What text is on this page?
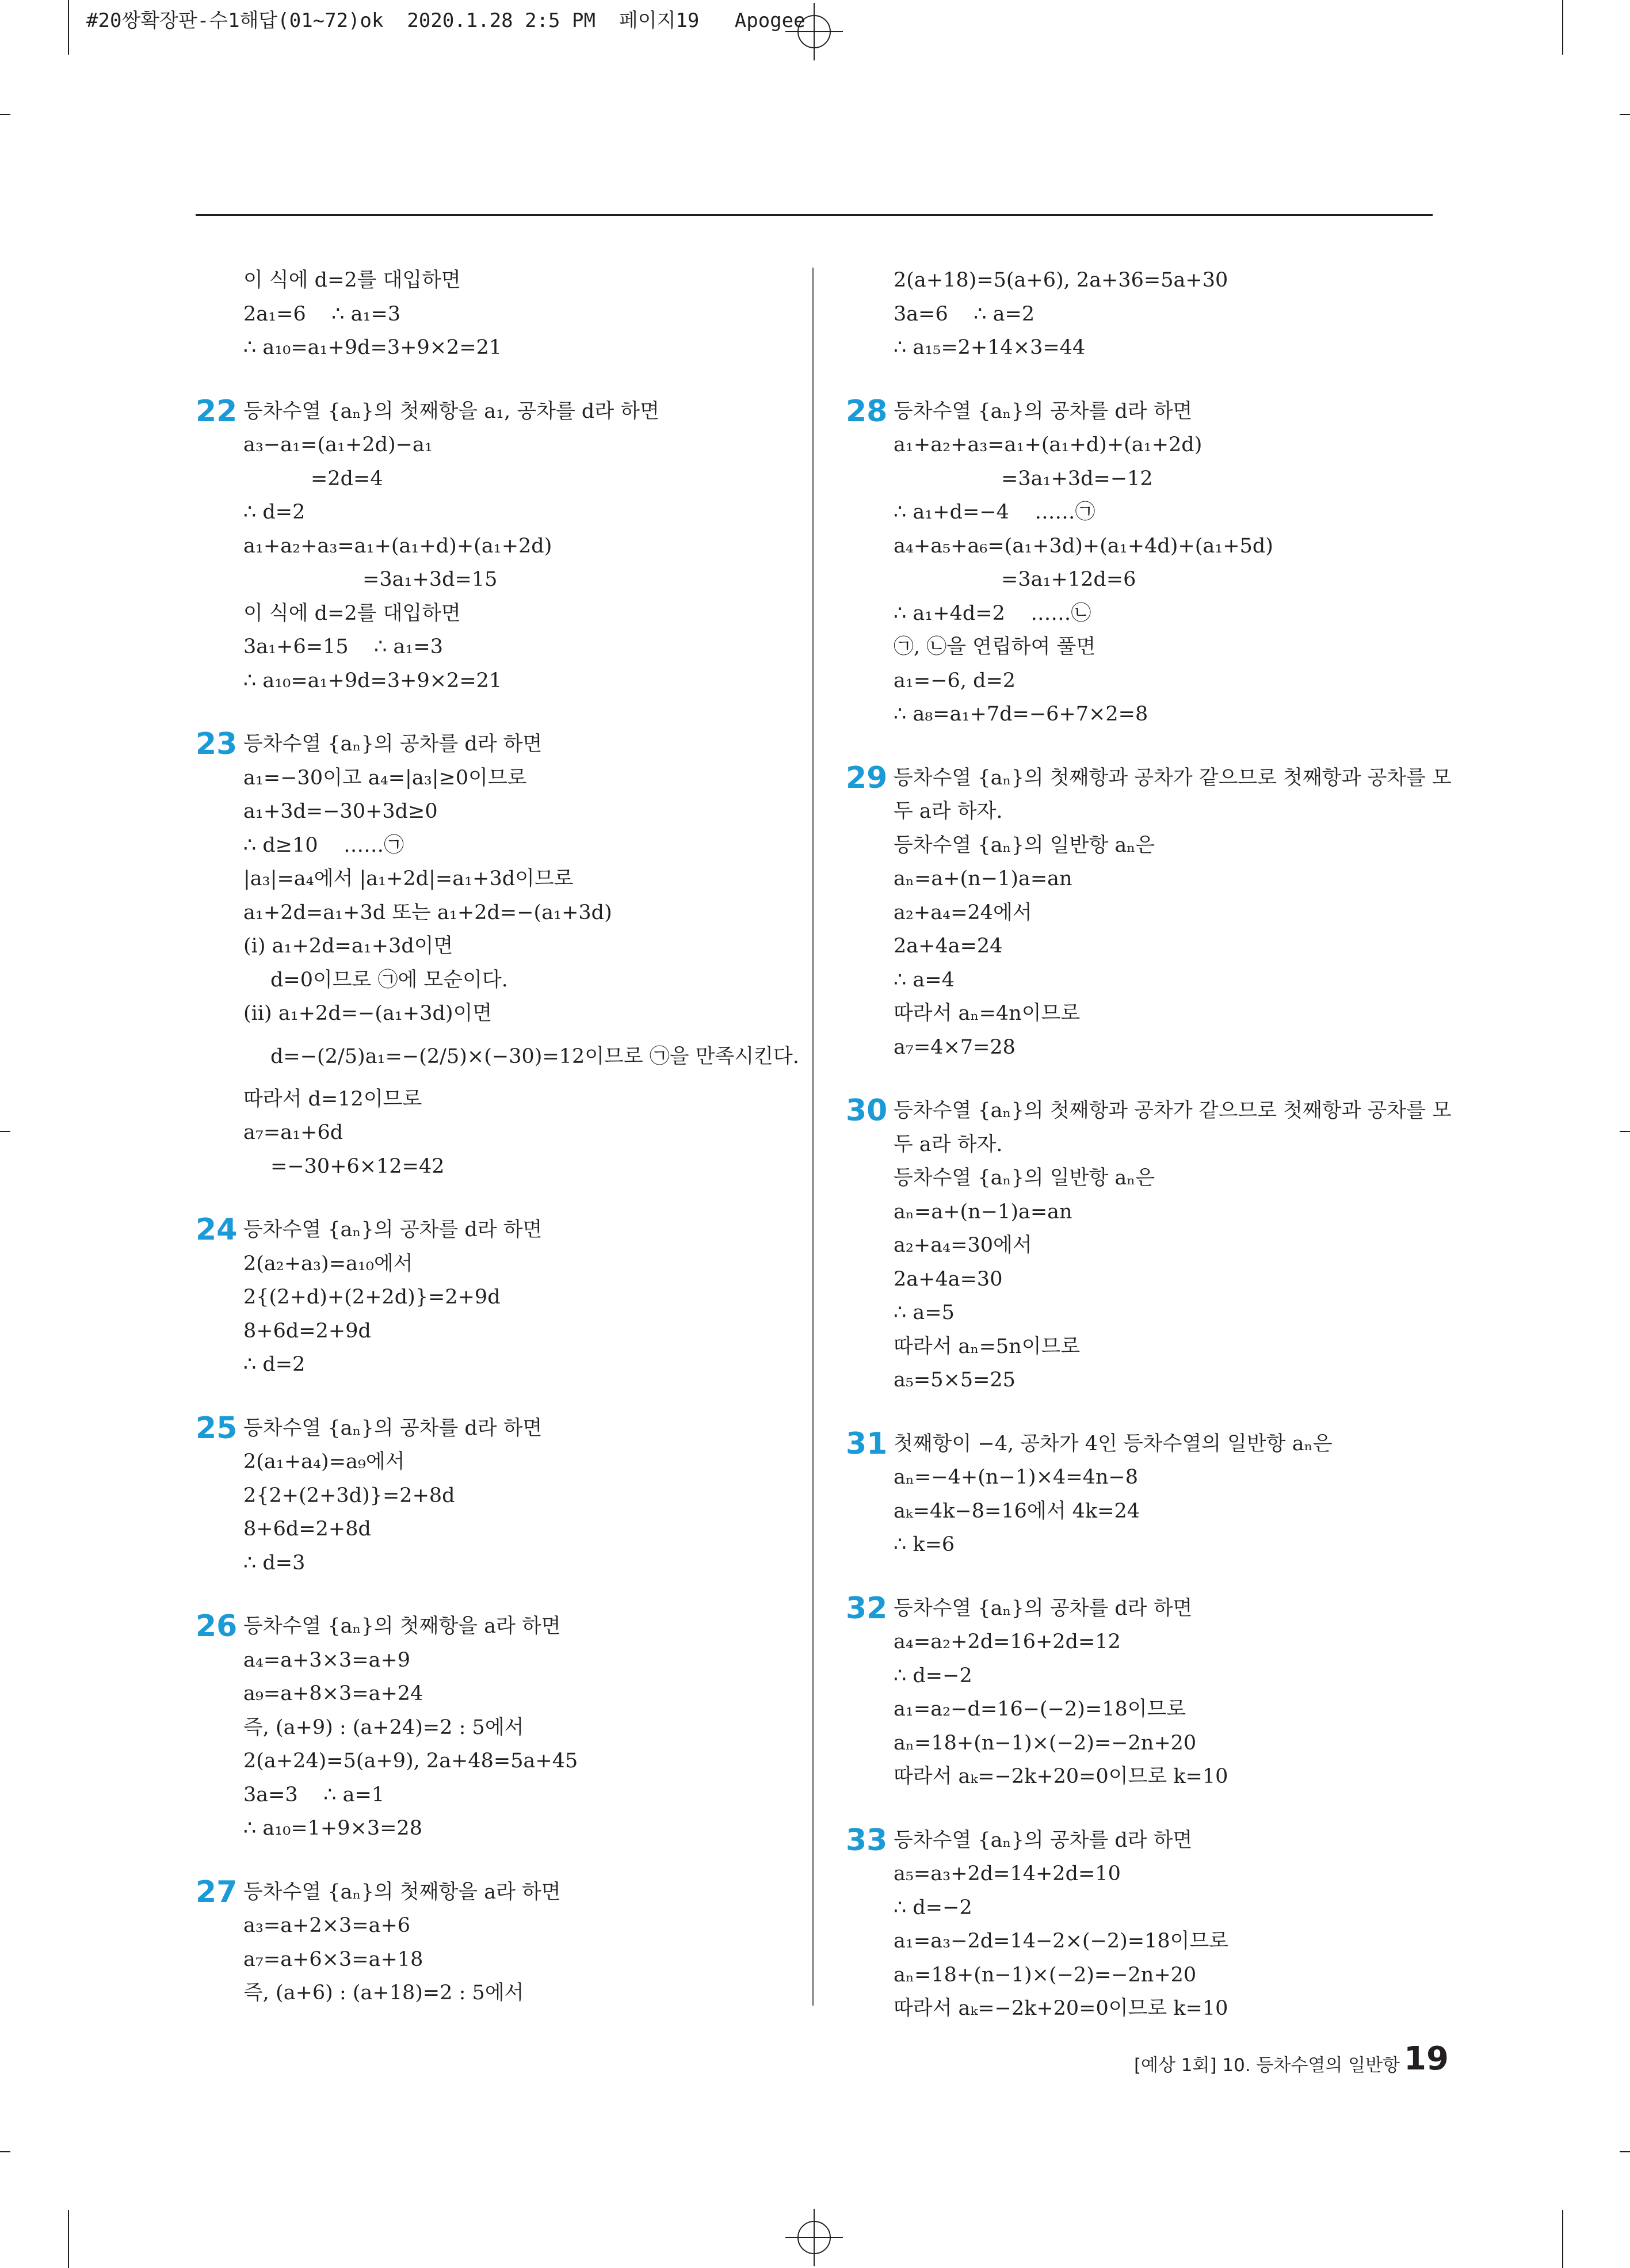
#20쌍확장판-수1해답(01~72)ok  2020.1.28 2:5 PM  페이지19   Apogee
이 식에 d=2를 대입하면
2a₁=6    ∴ a₁=3
∴ a₁₀=a₁+9d=3+9×2=21
22 등차수열 {aₙ}의 첫째항을 a₁, 공차를 d라 하면
a₃−a₁=(a₁+2d)−a₁
=2d=4
∴ d=2
a₁+a₂+a₃=a₁+(a₁+d)+(a₁+2d)
=3a₁+3d=15
이 식에 d=2를 대입하면
3a₁+6=15    ∴ a₁=3
∴ a₁₀=a₁+9d=3+9×2=21
23 등차수열 {aₙ}의 공차를 d라 하면
a₁=−30이고 a₄=|a₃|≥0이므로
a₁+3d=−30+3d≥0
∴ d≥10    ……㉠
|a₃|=a₄에서 |a₁+2d|=a₁+3d이므로
a₁+2d=a₁+3d 또는 a₁+2d=−(a₁+3d)
(ⅰ) a₁+2d=a₁+3d이면
d=0이므로 ㉠에 모순이다.
(ⅱ) a₁+2d=−(a₁+3d)이면
d=−(2/5)a₁=−(2/5)×(−30)=12이므로 ㉠을 만족시킨다.
따라서 d=12이므로
a₇=a₁+6d
=−30+6×12=42
24 등차수열 {aₙ}의 공차를 d라 하면
2(a₂+a₃)=a₁₀에서
2{(2+d)+(2+2d)}=2+9d
8+6d=2+9d
∴ d=2
25 등차수열 {aₙ}의 공차를 d라 하면
2(a₁+a₄)=a₉에서
2{2+(2+3d)}=2+8d
8+6d=2+8d
∴ d=3
26 등차수열 {aₙ}의 첫째항을 a라 하면
a₄=a+3×3=a+9
a₉=a+8×3=a+24
즉, (a+9) : (a+24)=2 : 5에서
2(a+24)=5(a+9), 2a+48=5a+45
3a=3    ∴ a=1
∴ a₁₀=1+9×3=28
27 등차수열 {aₙ}의 첫째항을 a라 하면
a₃=a+2×3=a+6
a₇=a+6×3=a+18
즉, (a+6) : (a+18)=2 : 5에서
2(a+18)=5(a+6), 2a+36=5a+30
3a=6    ∴ a=2
∴ a₁₅=2+14×3=44
28 등차수열 {aₙ}의 공차를 d라 하면
a₁+a₂+a₃=a₁+(a₁+d)+(a₁+2d)
=3a₁+3d=−12
∴ a₁+d=−4    ……㉠
a₄+a₅+a₆=(a₁+3d)+(a₁+4d)+(a₁+5d)
=3a₁+12d=6
∴ a₁+4d=2    ……㉡
㉠, ㉡을 연립하여 풀면
a₁=−6, d=2
∴ a₈=a₁+7d=−6+7×2=8
29 등차수열 {aₙ}의 첫째항과 공차가 같으므로 첫째항과 공차를 모
두 a라 하자.
등차수열 {aₙ}의 일반항 aₙ은
aₙ=a+(n−1)a=an
a₂+a₄=24에서
2a+4a=24
∴ a=4
따라서 aₙ=4n이므로
a₇=4×7=28
30 등차수열 {aₙ}의 첫째항과 공차가 같으므로 첫째항과 공차를 모
두 a라 하자.
등차수열 {aₙ}의 일반항 aₙ은
aₙ=a+(n−1)a=an
a₂+a₄=30에서
2a+4a=30
∴ a=5
따라서 aₙ=5n이므로
a₅=5×5=25
31 첫째항이 −4, 공차가 4인 등차수열의 일반항 aₙ은
aₙ=−4+(n−1)×4=4n−8
aₖ=4k−8=16에서 4k=24
∴ k=6
32 등차수열 {aₙ}의 공차를 d라 하면
a₄=a₂+2d=16+2d=12
∴ d=−2
a₁=a₂−d=16−(−2)=18이므로
aₙ=18+(n−1)×(−2)=−2n+20
따라서 aₖ=−2k+20=0이므로 k=10
33 등차수열 {aₙ}의 공차를 d라 하면
a₅=a₃+2d=14+2d=10
∴ d=−2
a₁=a₃−2d=14−2×(−2)=18이므로
aₙ=18+(n−1)×(−2)=−2n+20
따라서 aₖ=−2k+20=0이므로 k=10
[예상 1회] 10. 등차수열의 일반항 19
